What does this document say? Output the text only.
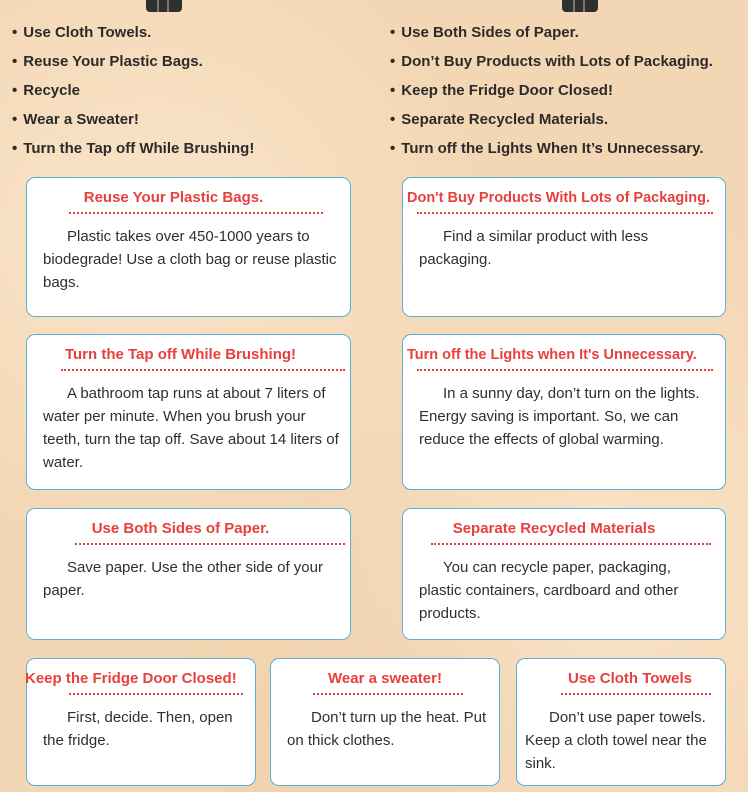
• Use Cloth Towels.
• Reuse Your Plastic Bags.
• Recycle
• Wear a Sweater!
• Turn the Tap off While Brushing!
• Use Both Sides of Paper.
• Don’t Buy Products with Lots of Packaging.
• Keep the Fridge Door Closed!
• Separate Recycled Materials.
• Turn off the Lights When It’s Unnecessary.
Reuse Your Plastic Bags.
Plastic takes over 450-1000 years to biodegrade! Use a cloth bag or reuse plastic bags.
Don't Buy Products With Lots of Packaging.
Find a similar product with less packaging.
Turn the Tap off While Brushing!
A bathroom tap runs at about 7 liters of water per minute. When you brush your teeth, turn the tap off. Save about 14 liters of water.
Turn off the Lights when It's Unnecessary.
In a sunny day, don’t turn on the lights. Energy saving is important. So, we can reduce the effects of global warming.
Use Both Sides of Paper.
Save paper. Use the other side of your paper.
Separate Recycled Materials
You can recycle paper, packaging, plastic containers, cardboard and other products.
Keep the Fridge Door Closed!
First, decide. Then, open the fridge.
Wear a sweater!
Don’t turn up the heat. Put on thick clothes.
Use Cloth Towels
Don’t use paper towels. Keep a cloth towel near the sink.
